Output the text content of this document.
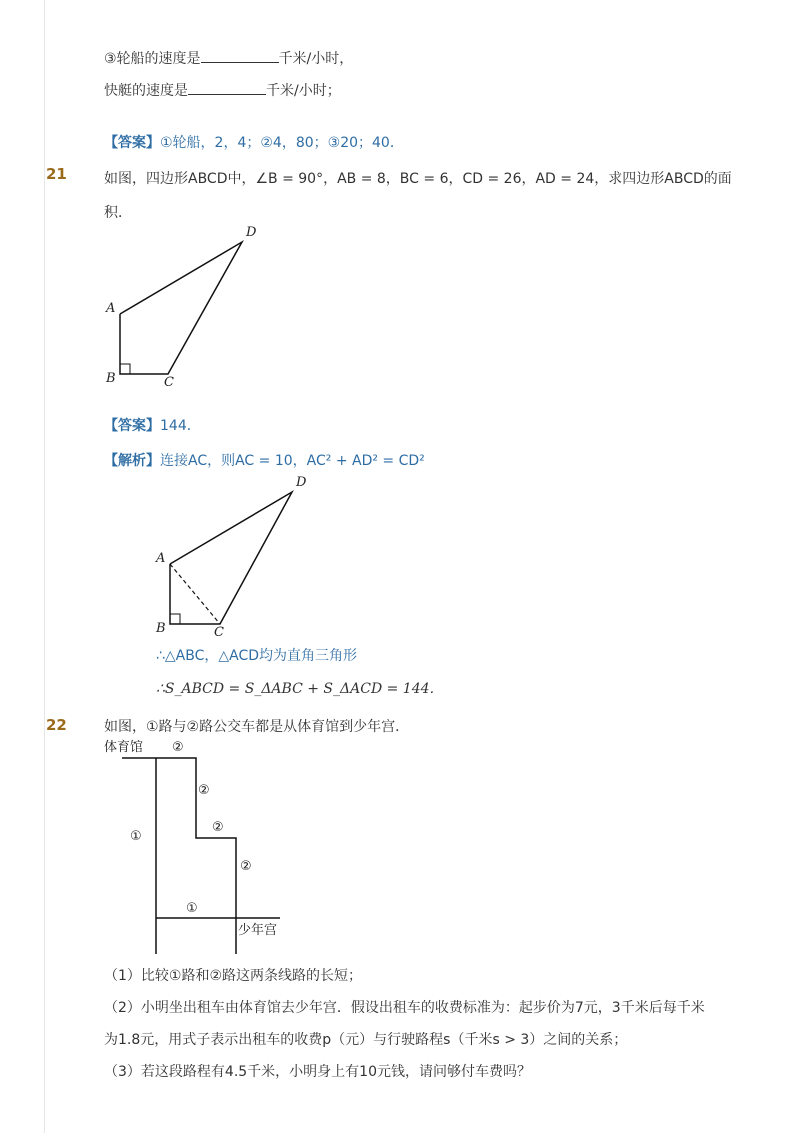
③轮船的速度是	千米/小时，
快艇的速度是	千米/小时；
【答案】①轮船，2，4；②4，80；③20；40．
21	如图，四边形ABCD中，∠B = 90°，AB = 8，BC = 6，CD = 26，AD = 24，求四边形ABCD的面
积．
A
B	C
D
【答案】144．
【解析】连接AC，则AC = 10，AC² + AD² = CD²
A
B	C
D
∴△ABC，△ACD均为直角三角形
∴S_ABCD = S_ΔABC + S_ΔACD = 144．
22	如图，①路与②路公交车都是从体育馆到少年宫．
体育馆 ②
②
②
②
①
①
少年宫
（1）比较①路和②路这两条线路的长短；
（2）小明坐出租车由体育馆去少年宫．假设出租车的收费标准为：起步价为7元，3千米后每千米
为1.8元，用式子表示出租车的收费p（元）与行驶路程s（千米s > 3）之间的关系；
（3）若这段路程有4.5千米，小明身上有10元钱，请问够付车费吗？
